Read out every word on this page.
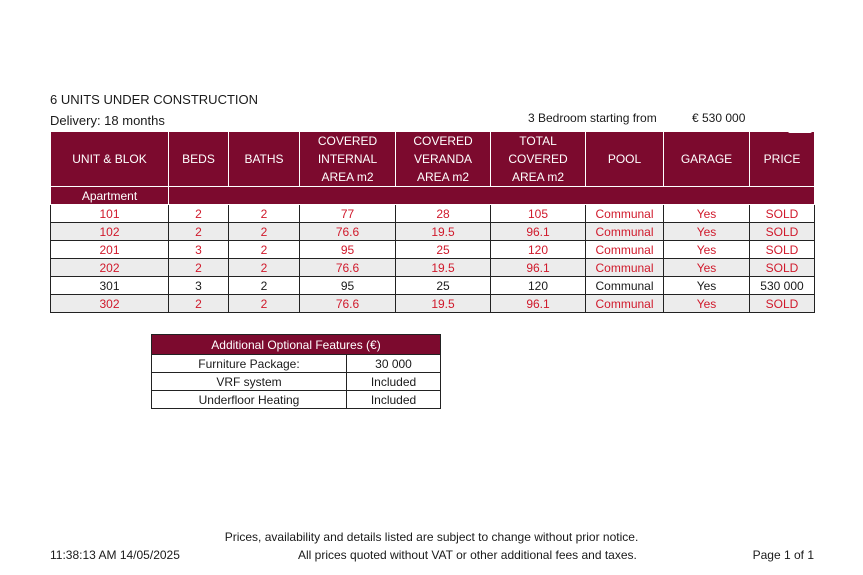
6 UNITS UNDER CONSTRUCTION
Delivery: 18 months	3 Bedroom starting from	€ 530 000
UNIT & BLOK	BEDS	BATHS	COVERED
INTERNAL
AREA m2	COVERED
VERANDA
AREA m2	TOTAL
COVERED
AREA m2	POOL	GARAGE	PRICE
Apartment								
101	2	2	77	28	105	Communal	Yes	SOLD
102	2	2	76.6	19.5	96.1	Communal	Yes	SOLD
201	3	2	95	25	120	Communal	Yes	SOLD
202	2	2	76.6	19.5	96.1	Communal	Yes	SOLD
301	3	2	95	25	120	Communal	Yes	530 000
302	2	2	76.6	19.5	96.1	Communal	Yes	SOLD
Additional Optional Features (€)	
Furniture Package:	30 000
VRF system	Included
Underfloor Heating	Included
Prices, availability and details listed are subject to change without prior notice.
All prices quoted without VAT or other additional fees and taxes.
11:38:13 AM 14/05/2025	Page 1 of 1
